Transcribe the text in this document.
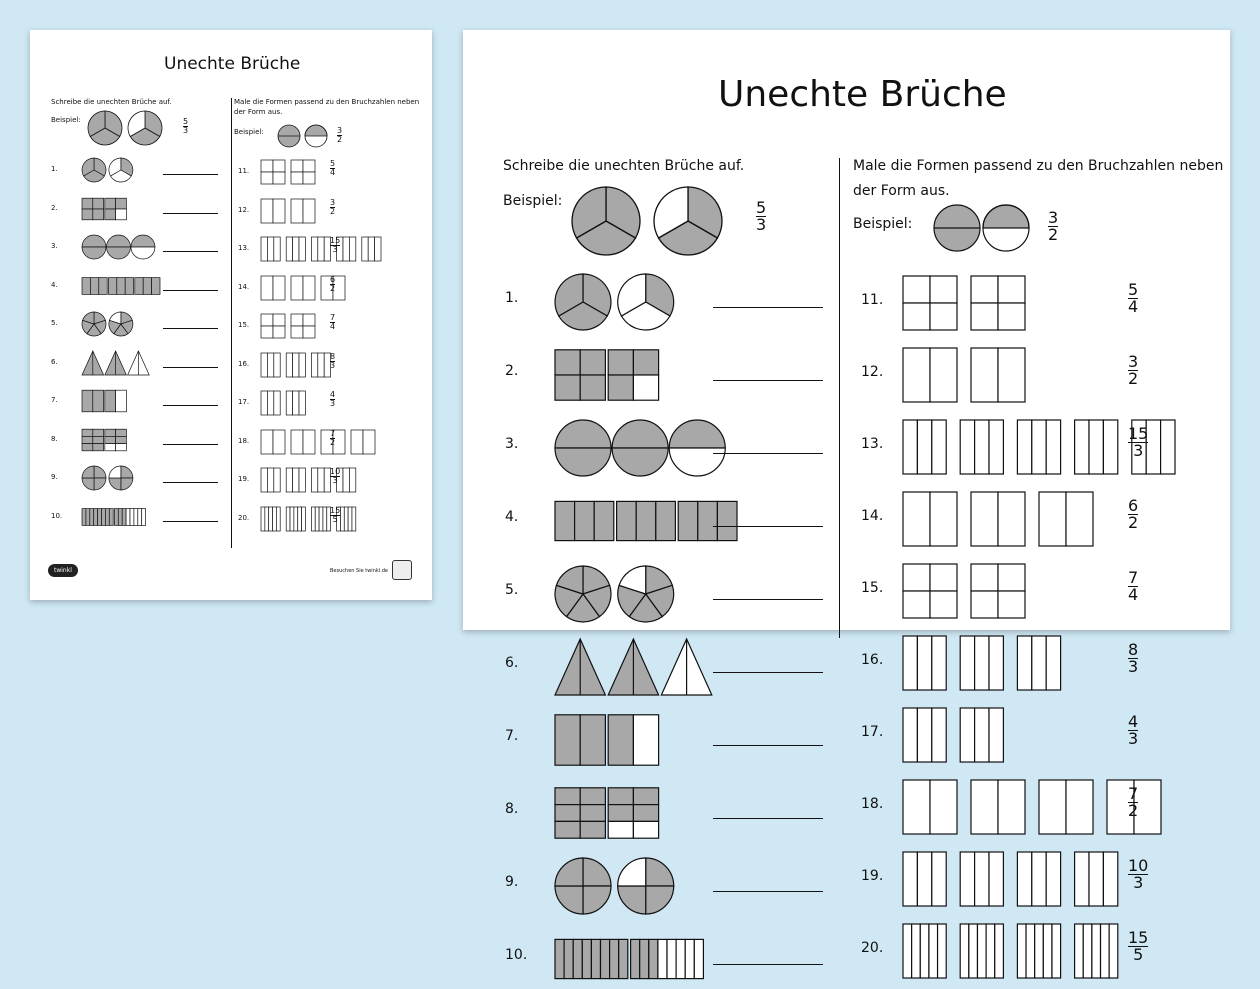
Unechte Brüche
Schreibe die unechten Brüche auf.
Beispiel:	$\frac{5}{3}$
Male die Formen passend zu den Bruchzahlen neben
der Form aus.
Beispiel:	$\frac{3}{2}$
1.
2.
3.
4.
5.
6.
7.
8.
9.
10.
11.	$\frac{5}{4}$
12.	$\frac{3}{2}$
13.	$\frac{15}{3}$
14.	$\frac{6}{2}$
15.	$\frac{7}{4}$
16.	$\frac{8}{3}$
17.	$\frac{4}{3}$
18.	$\frac{7}{2}$
19.	$\frac{10}{3}$
20.	$\frac{15}{5}$
twinkl	Besuchen Sie twinkl.de
Unechte Brüche
Schreibe die unechten Brüche auf.
Beispiel:	$\frac{5}{3}$
Male die Formen passend zu den Bruchzahlen neben
der Form aus.
Beispiel:	$\frac{3}{2}$
1.
2.
3.
4.
5.
6.
7.
8.
9.
10.
11.	$\frac{5}{4}$
12.	$\frac{3}{2}$
13.	$\frac{15}{3}$
14.	$\frac{6}{2}$
15.	$\frac{7}{4}$
16.	$\frac{8}{3}$
17.	$\frac{4}{3}$
18.	$\frac{7}{2}$
19.	$\frac{10}{3}$
20.	$\frac{15}{5}$
